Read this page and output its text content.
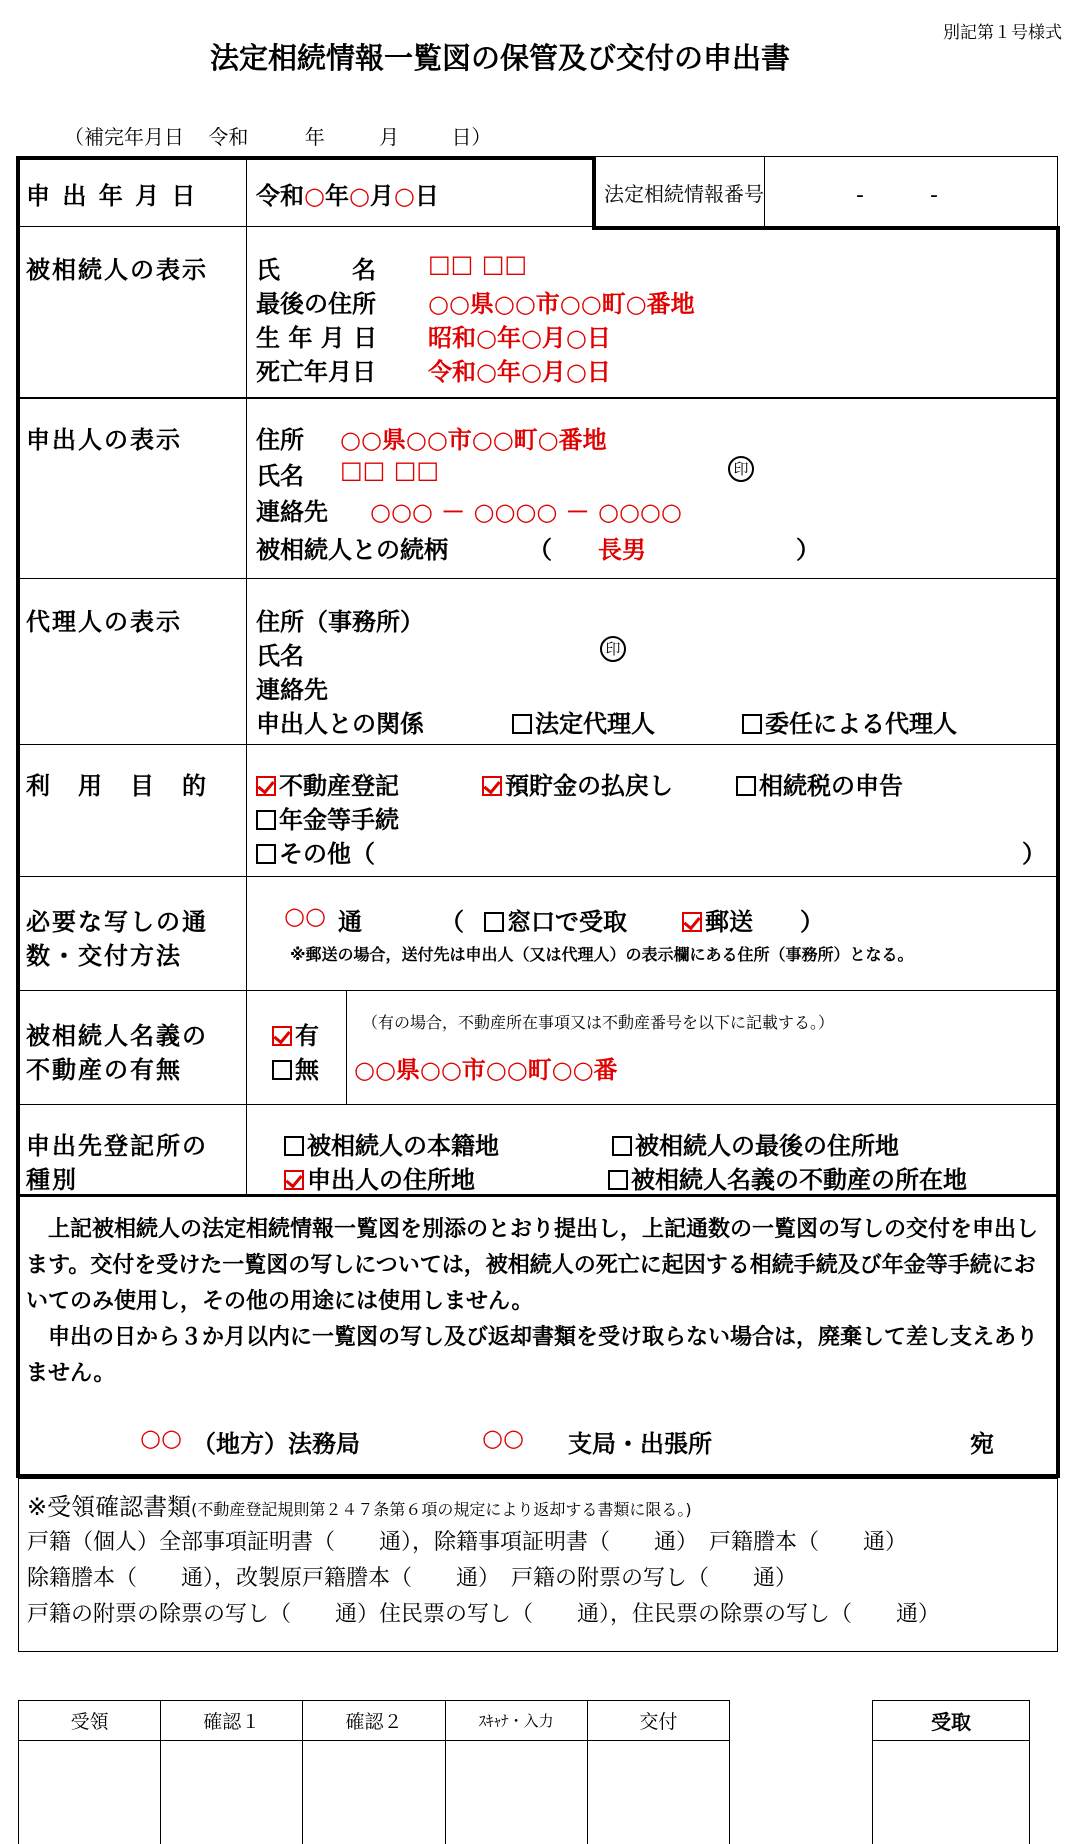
別記第１号様式
法定相続情報一覧図の保管及び交付の申出書
（補完年月日 令和	年	月	日）
法定相続情報番号	-　　　-
申 出 年 月 日 令和○年○月○日
被相続人の表示 氏　　　名 □□ □□
最後の住所 ○○県○○市○○町○番地
生 年 月 日 昭和○年○月○日
死亡年月日 令和○年○月○日
申出人の表示	住所 ○○県○○市○○町○番地
氏名 □□ □□	印
連絡先 ○○○ － ○○○○ － ○○○○
被相続人との続柄	（ 長男	）
代理人の表示	住所（事務所）
氏名	印
連絡先
申出人との関係	法定代理人	委任による代理人
利　用　目　的	不動産登記	預貯金の払戻し	相続税の申告
年金等手続
その他（	）
必要な写しの通
数・交付方法
○○ 通	（	窓口で受取	郵送 ）
※郵送の場合，送付先は申出人（又は代理人）の表示欄にある住所（事務所）となる。
被相続人名義の
不動産の有無
有
無
（有の場合，不動産所在事項又は不動産番号を以下に記載する。）
○○県○○市○○町○○番
申出先登記所の
種別
被相続人の本籍地	被相続人の最後の住所地
申出人の住所地	被相続人名義の不動産の所在地
上記被相続人の法定相続情報一覧図を別添のとおり提出し，上記通数の一覧図の写しの交付を申出します。交付を受けた一覧図の写しについては，被相続人の死亡に起因する相続手続及び年金等手続においてのみ使用し，その他の用途には使用しません。
申出の日から３か月以内に一覧図の写し及び返却書類を受け取らない場合は，廃棄して差し支えありません。
○○ （地方）法務局	○○ 支局・出張所	宛
※受領確認書類(不動産登記規則第２４７条第６項の規定により返却する書類に限る。)
戸籍（個人）全部事項証明書（　　通），除籍事項証明書（　　通）　戸籍謄本（　　通）
除籍謄本（　　通），改製原戸籍謄本（　　通）　戸籍の附票の写し（　　通）
戸籍の附票の除票の写し（　　通）住民票の写し（　　通），住民票の除票の写し（　　通）
受領	確認１	確認２	ｽｷｬﾅ・入力	交付
					受取
